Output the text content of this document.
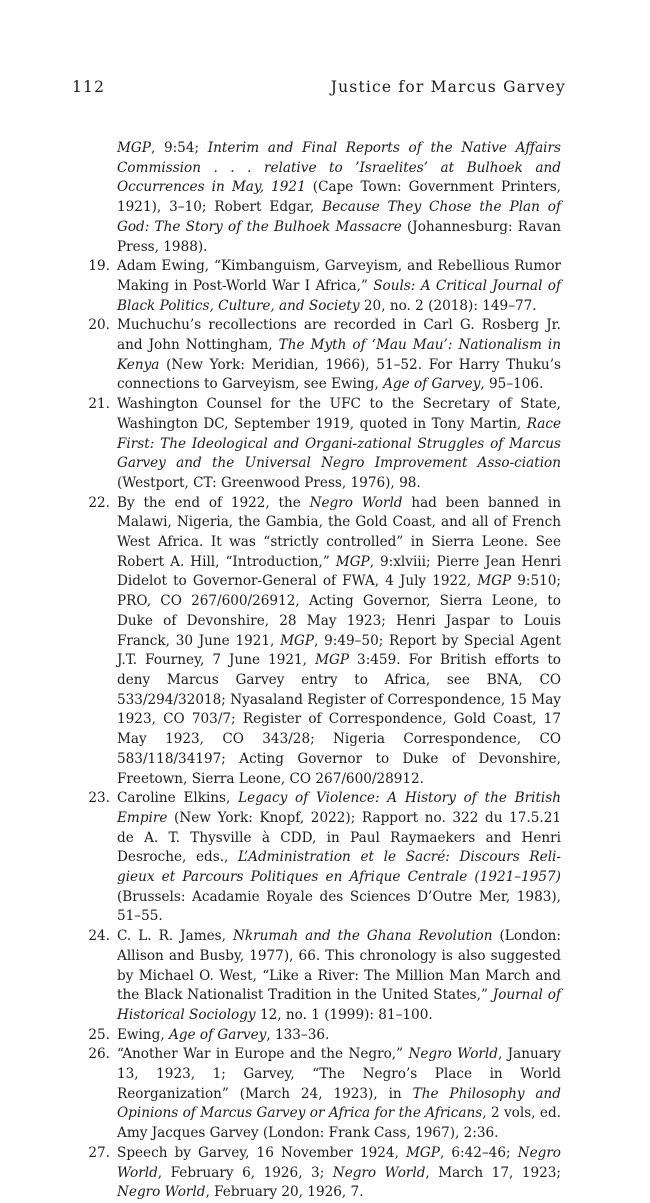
112	Justice for Marcus Garvey
MGP, 9:54; Interim and Final Reports of the Native Affairs Commission . . . relative to ’Israelites’ at Bulhoek and Occurrences in May, 1921 (Cape Town: Government Printers, 1921), 3–10; Robert Edgar, Because They Chose the Plan of God: The Story of the Bulhoek Massacre (Johannesburg: Ravan Press, 1988).
19. Adam Ewing, “Kimbanguism, Garveyism, and Rebellious Rumor Making in Post-World War I Africa,” Souls: A Critical Journal of Black Politics, Culture, and Society 20, no. 2 (2018): 149–77.
20. Muchuchu’s recollections are recorded in Carl G. Rosberg Jr. and John Nottingham, The Myth of ‘Mau Mau’: Nationalism in Kenya (New York: Meridian, 1966), 51–52. For Harry Thuku’s connections to Garveyism, see Ewing, Age of Garvey, 95–106.
21. Washington Counsel for the UFC to the Secretary of State, Washington DC, September 1919, quoted in Tony Martin, Race First: The Ideological and Organi-zational Struggles of Marcus Garvey and the Universal Negro Improvement Asso-ciation (Westport, CT: Greenwood Press, 1976), 98.
22. By the end of 1922, the Negro World had been banned in Malawi, Nigeria, the Gambia, the Gold Coast, and all of French West Africa. It was “strictly controlled” in Sierra Leone. See Robert A. Hill, “Introduction,” MGP, 9:xlviii; Pierre Jean Henri Didelot to Governor-General of FWA, 4 July 1922, MGP 9:510; PRO, CO 267/600/26912, Acting Governor, Sierra Leone, to Duke of Devonshire, 28 May 1923; Henri Jaspar to Louis Franck, 30 June 1921, MGP, 9:49–50; Report by Special Agent J.T. Fourney, 7 June 1921, MGP 3:459. For British efforts to deny Marcus Garvey entry to Africa, see BNA, CO 533/294/32018; Nyasaland Register of Correspondence, 15 May 1923, CO 703/7; Register of Correspondence, Gold Coast, 17 May 1923, CO 343/28; Nigeria Correspondence, CO 583/118/34197; Acting Governor to Duke of Devonshire, Freetown, Sierra Leone, CO 267/600/28912.
23. Caroline Elkins, Legacy of Violence: A History of the British Empire (New York: Knopf, 2022); Rapport no. 322 du 17.5.21 de A. T. Thysville à CDD, in Paul Raymaekers and Henri Desroche, eds., L’Administration et le Sacré: Discours Reli-gieux et Parcours Politiques en Afrique Centrale (1921–1957) (Brussels: Acadamie Royale des Sciences D’Outre Mer, 1983), 51–55.
24. C. L. R. James, Nkrumah and the Ghana Revolution (London: Allison and Busby, 1977), 66. This chronology is also suggested by Michael O. West, “Like a River: The Million Man March and the Black Nationalist Tradition in the United States,” Journal of Historical Sociology 12, no. 1 (1999): 81–100.
25. Ewing, Age of Garvey, 133–36.
26. “Another War in Europe and the Negro,” Negro World, January 13, 1923, 1; Garvey, “The Negro’s Place in World Reorganization” (March 24, 1923), in The Philosophy and Opinions of Marcus Garvey or Africa for the Africans, 2 vols, ed. Amy Jacques Garvey (London: Frank Cass, 1967), 2:36.
27. Speech by Garvey, 16 November 1924, MGP, 6:42–46; Negro World, February 6, 1926, 3; Negro World, March 17, 1923; Negro World, February 20, 1926, 7.
